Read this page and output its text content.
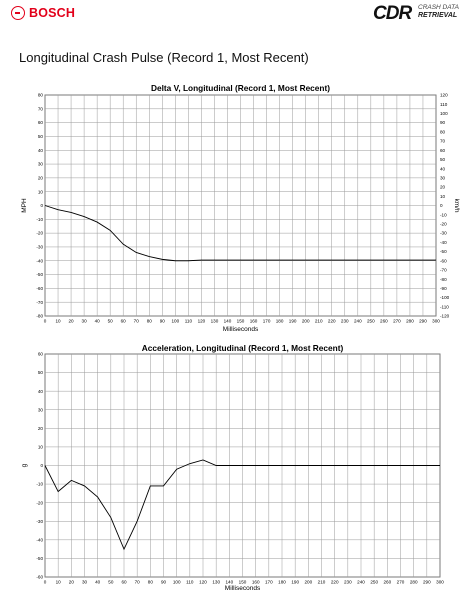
BOSCH	CDR CRASH DATA
RETRIEVAL
Longitudinal Crash Pulse (Record 1, Most Recent)
Delta V, Longitudinal (Record 1, Most Recent)
0 10 20 30 40 50 60 70 80 90 100 110 120 130 140 150 160 170 180 190 200 210 220 230 240 250 260 270 280 290 300
80
70
60
50
40
30
20
10
0
-10
-20
-30
-40
-50
-60
-70
-80
120
110
100
90
80
70
60
50
40
30
20
10
0
-10
-20
-30
-40
-50
-60
-70
-80
-90
-100
-110
-120
km/h
Milliseconds
MPH
Acceleration, Longitudinal (Record 1, Most Recent)
0 10 20 30 40 50 60 70 80 90 100 110 120 130 140 150 160 170 180 190 200 210 220 230 240 250 260 270 280 290 300
60
50
40
30
20
10
0
-10
-20
-30
-40
-50
-60
Milliseconds
g
